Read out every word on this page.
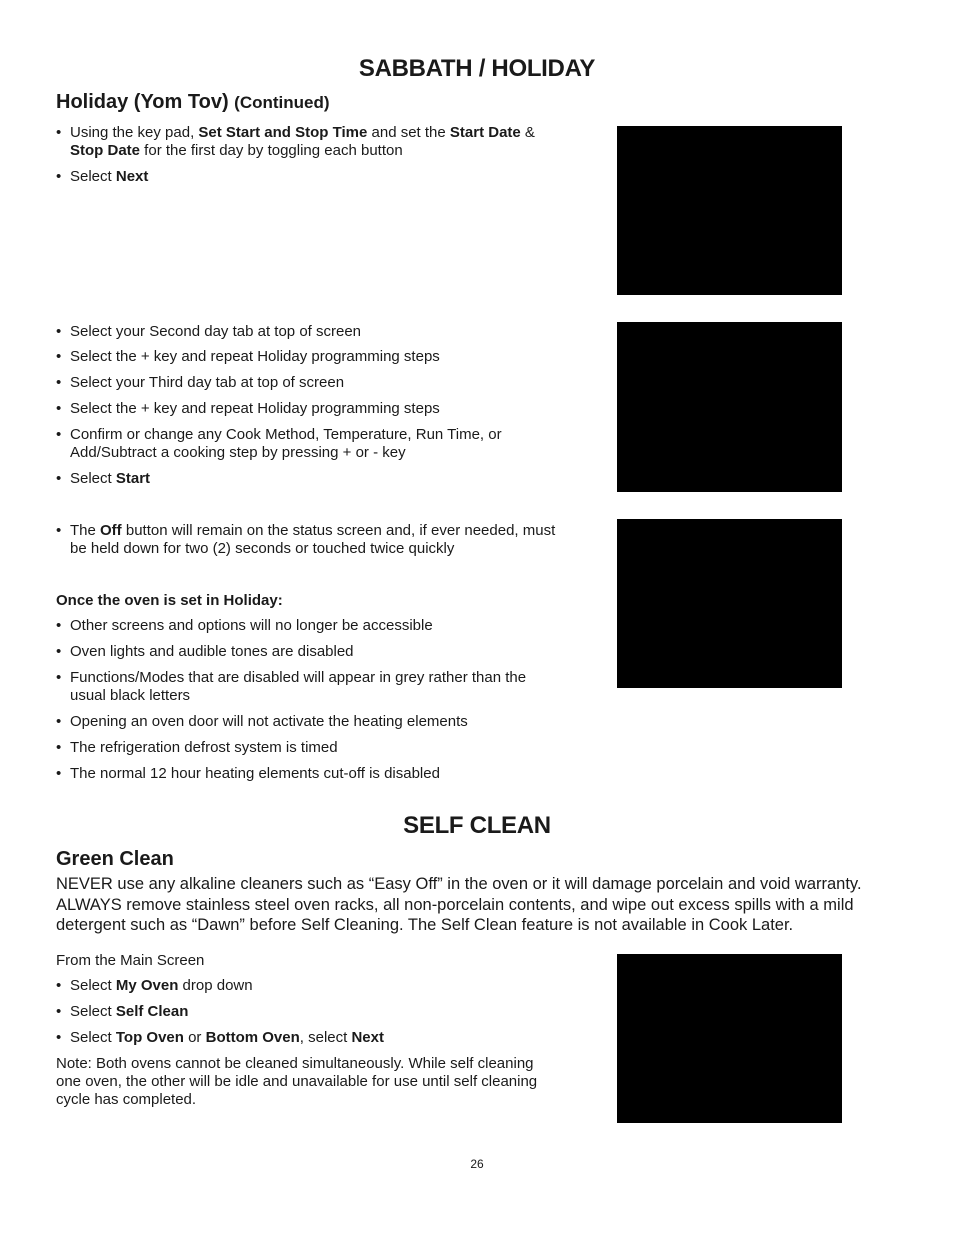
SABBATH / HOLIDAY
Holiday (Yom Tov) (Continued)
• Using the key pad, Set Start and Stop Time and set the Start Date & Stop Date for the first day by toggling each button
• Select Next
• Select your Second day tab at top of screen
• Select the + key and repeat Holiday programming steps
• Select your Third day tab at top of screen
• Select the + key and repeat Holiday programming steps
• Confirm or change any Cook Method, Temperature, Run Time, or Add/Subtract a cooking step by pressing + or - key
• Select Start
• The Off button will remain on the status screen and, if ever needed, must be held down for two (2) seconds or touched twice quickly
Once the oven is set in Holiday:
• Other screens and options will no longer be accessible
• Oven lights and audible tones are disabled
• Functions/Modes that are disabled will appear in grey rather than the usual black letters
• Opening an oven door will not activate the heating elements
• The refrigeration defrost system is timed
• The normal 12 hour heating elements cut-off is disabled
SELF CLEAN
Green Clean
NEVER use any alkaline cleaners such as “Easy Off” in the oven or it will damage porcelain and void warranty. ALWAYS remove stainless steel oven racks, all non-porcelain contents, and wipe out excess spills with a mild detergent such as “Dawn” before Self Cleaning. The Self Clean feature is not available in Cook Later.
From the Main Screen
• Select My Oven drop down
• Select Self Clean
• Select Top Oven or Bottom Oven, select Next
Note: Both ovens cannot be cleaned simultaneously. While self cleaning one oven, the other will be idle and unavailable for use until self cleaning cycle has completed.
26
